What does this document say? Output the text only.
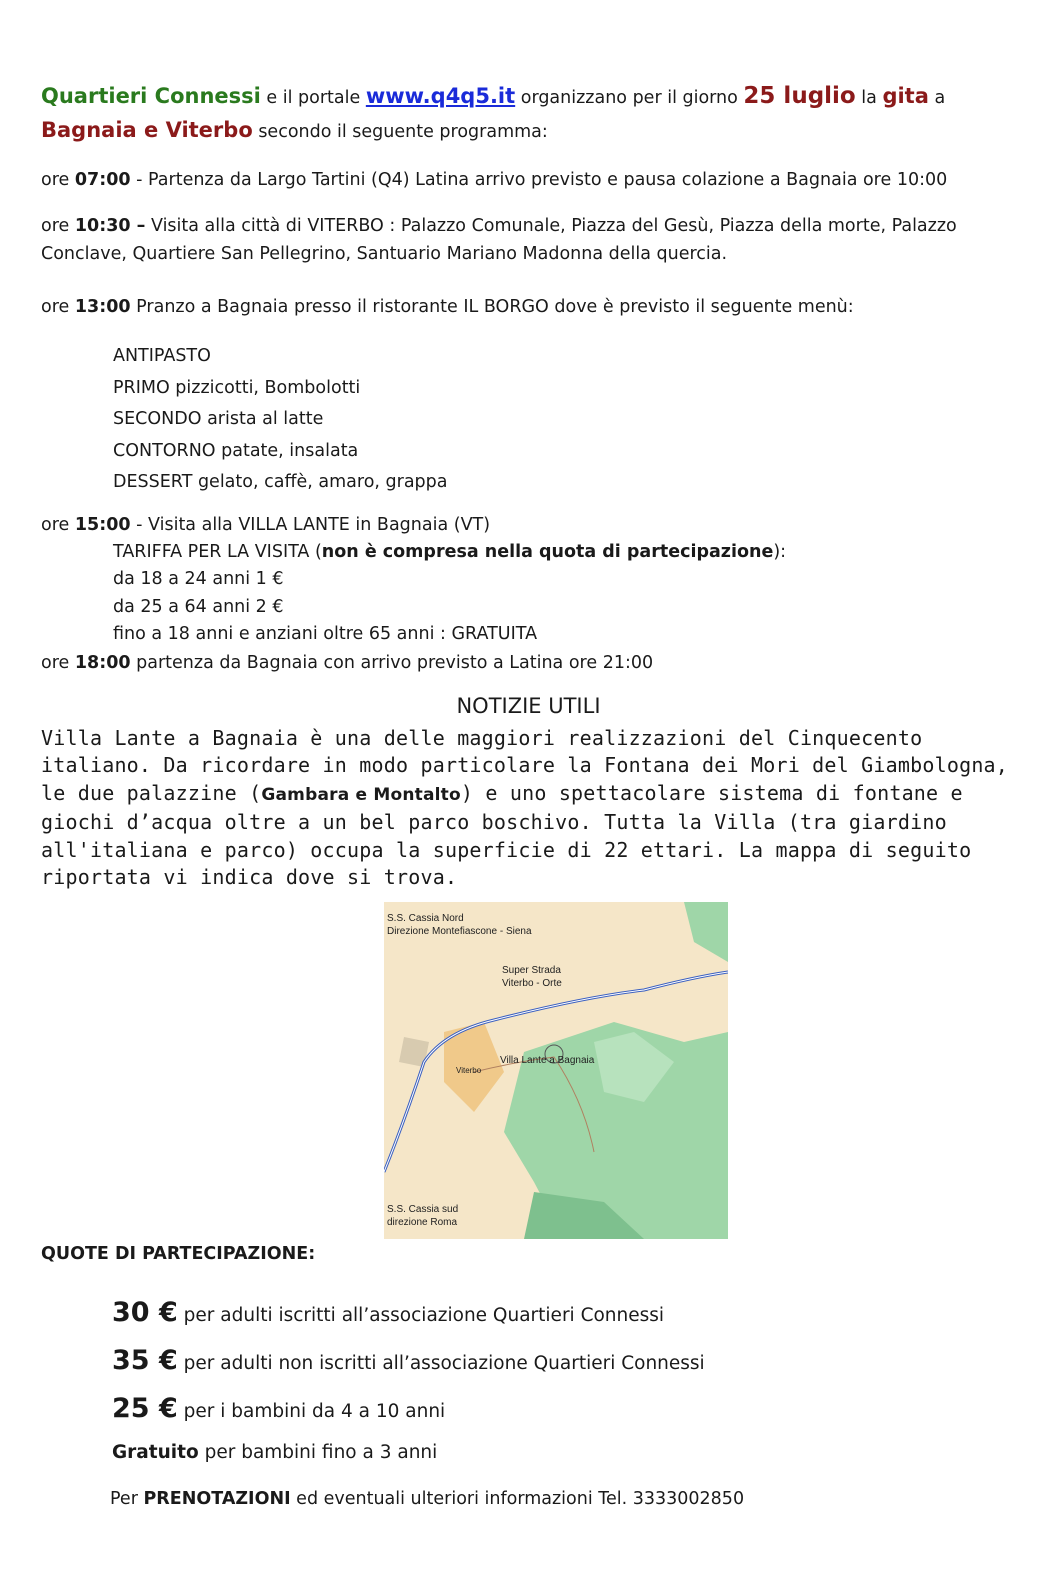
Quartieri Connessi e il portale www.q4q5.it organizzano per il giorno 25 luglio la gita a Bagnaia e Viterbo secondo il seguente programma:
ore 07:00 - Partenza da Largo Tartini (Q4) Latina arrivo previsto e pausa colazione a Bagnaia ore 10:00
ore 10:30 – Visita alla città di VITERBO : Palazzo Comunale, Piazza del Gesù, Piazza della morte, Palazzo Conclave, Quartiere San Pellegrino, Santuario Mariano Madonna della quercia.
ore 13:00 Pranzo a Bagnaia presso il ristorante IL BORGO dove è previsto il seguente menù:
ANTIPASTO
PRIMO pizzicotti, Bombolotti
SECONDO arista al latte
CONTORNO patate, insalata
DESSERT gelato, caffè, amaro, grappa
ore 15:00 - Visita alla VILLA LANTE in Bagnaia (VT)
TARIFFA PER LA VISITA (non è compresa nella quota di partecipazione):
da 18 a 24 anni 1 €
da 25 a 64 anni 2 €
fino a 18 anni e anziani oltre 65 anni : GRATUITA
ore 18:00 partenza da Bagnaia con arrivo previsto a Latina ore 21:00
NOTIZIE UTILI
Villa Lante a Bagnaia è una delle maggiori realizzazioni del Cinquecento italiano. Da ricordare in modo particolare la Fontana dei Mori del Giambologna, le due palazzine (Gambara e Montalto) e uno spettacolare sistema di fontane e giochi d’acqua oltre a un bel parco boschivo. Tutta la Villa (tra giardino all'italiana e parco) occupa la superficie di 22 ettari. La mappa di seguito riportata vi indica dove si trova.
S.S. Cassia Nord
Direzione Montefiascone - Siena
Super Strada
Viterbo - Orte
Villa Lante a Bagnaia
Viterbo
S.S. Cassia sud
direzione Roma
QUOTE DI PARTECIPAZIONE:
30 € per adulti iscritti all’associazione Quartieri Connessi
35 € per adulti non iscritti all’associazione Quartieri Connessi
25 € per i bambini da 4 a 10 anni
Gratuito per bambini fino a 3 anni
Per PRENOTAZIONI ed eventuali ulteriori informazioni Tel. 3333002850
